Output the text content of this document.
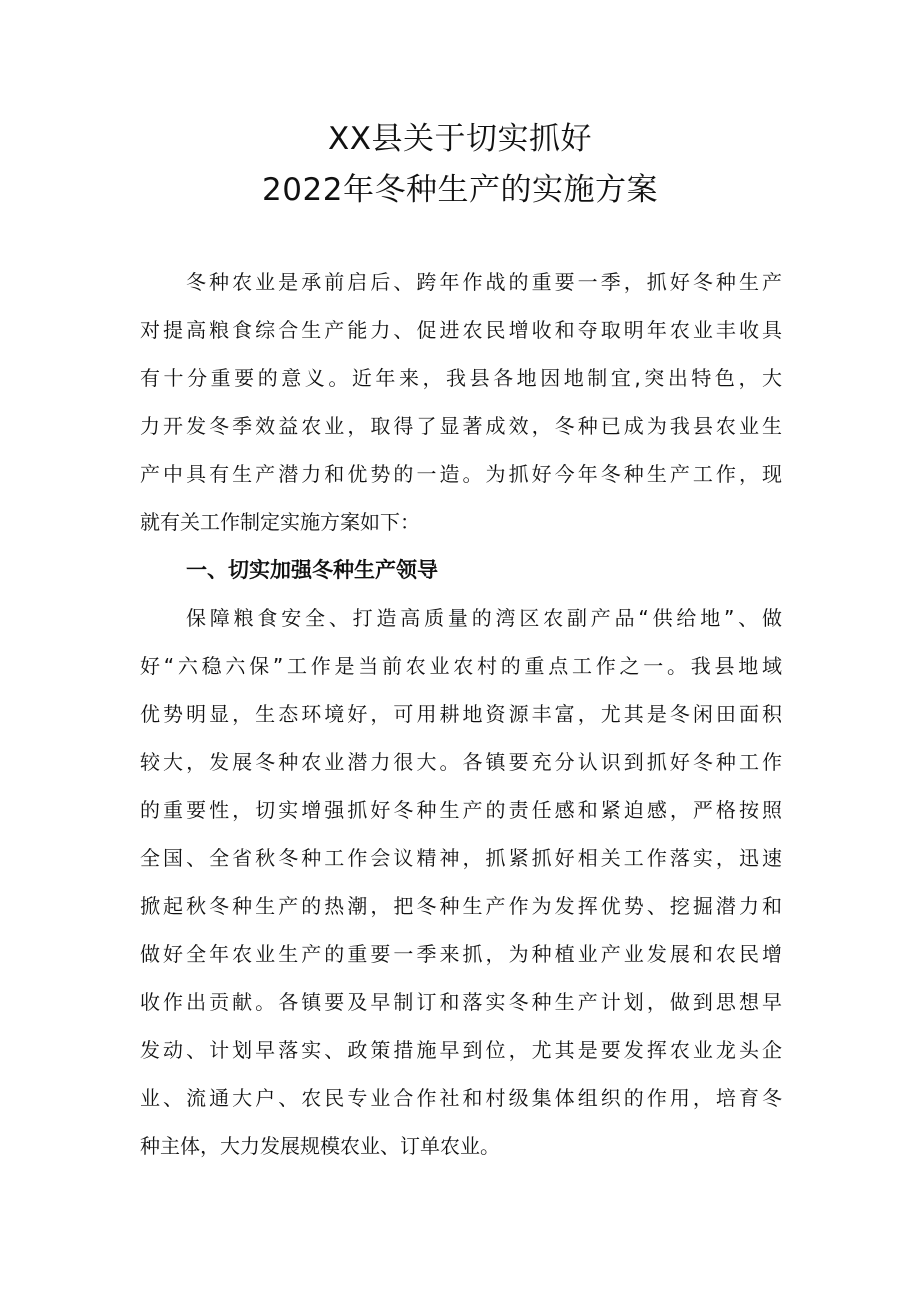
XX县关于切实抓好
2022年冬种生产的实施方案
冬种农业是承前启后、跨年作战的重要一季，抓好冬种生产
对提高粮食综合生产能力、促进农民增收和夺取明年农业丰收具
有十分重要的意义。近年来，我县各地因地制宜,突出特色，大
力开发冬季效益农业，取得了显著成效，冬种已成为我县农业生
产中具有生产潜力和优势的一造。为抓好今年冬种生产工作，现
就有关工作制定实施方案如下：
一、切实加强冬种生产领导
保障粮食安全、打造高质量的湾区农副产品“供给地”、做
好“六稳六保”工作是当前农业农村的重点工作之一。我县地域
优势明显，生态环境好，可用耕地资源丰富，尤其是冬闲田面积
较大，发展冬种农业潜力很大。各镇要充分认识到抓好冬种工作
的重要性，切实增强抓好冬种生产的责任感和紧迫感，严格按照
全国、全省秋冬种工作会议精神，抓紧抓好相关工作落实，迅速
掀起秋冬种生产的热潮，把冬种生产作为发挥优势、挖掘潜力和
做好全年农业生产的重要一季来抓，为种植业产业发展和农民增
收作出贡献。各镇要及早制订和落实冬种生产计划，做到思想早
发动、计划早落实、政策措施早到位，尤其是要发挥农业龙头企
业、流通大户、农民专业合作社和村级集体组织的作用，培育冬
种主体，大力发展规模农业、订单农业。
